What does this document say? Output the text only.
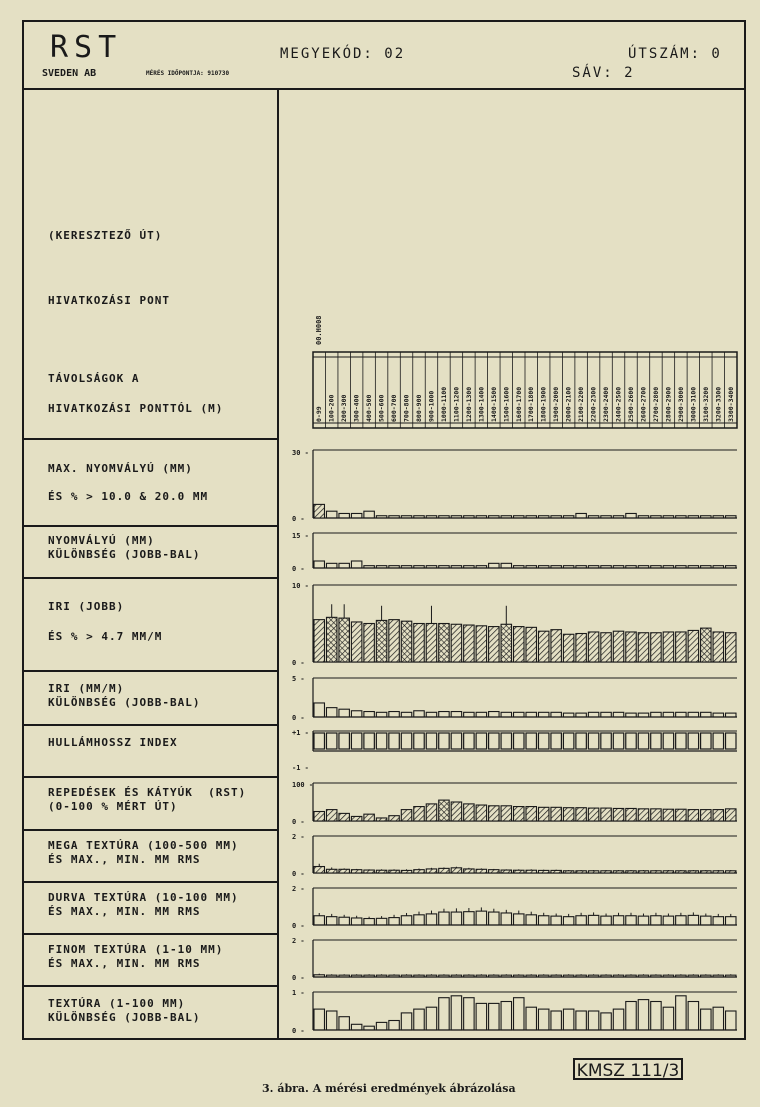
RST
SVEDEN AB	MÉRÉS IDŐPONTJA: 910730
MEGYEKÓD: 02	ÚTSZÁM: 0
SÁV: 2
(KERESZTEZŐ ÚT)
HIVATKOZÁSI PONT
TÁVOLSÁGOK A
HIVATKOZÁSI PONTTÓL (M)
MAX. NYOMVÁLYÚ (MM)
ÉS % > 10.0 & 20.0 MM
NYOMVÁLYÚ (MM)
KÜLÖNBSÉG (JOBB-BAL)
IRI (JOBB)
ÉS % > 4.7 MM/M
IRI (MM/M)
KÜLÖNBSÉG (JOBB-BAL)
HULLÁMHOSSZ INDEX
REPEDÉSEK ÉS KÁTYÚK  (RST)
(0-100 % MÉRT ÚT)
MEGA TEXTÚRA (100-500 MM)
ÉS MAX., MIN. MM RMS
DURVA TEXTÚRA (10-100 MM)
ÉS MAX., MIN. MM RMS
FINOM TEXTÚRA (1-10 MM)
ÉS MAX., MIN. MM RMS
TEXTÚRA (1-100 MM)
KÜLÖNBSÉG (JOBB-BAL)
0-99 100-200 200-300 300-400 400-500 500-600 600-700 700-800 800-900 900-1000 1000-1100 1100-1200 1200-1300 1300-1400 1400-1500 1500-1600 1600-1700 1700-1800 1800-1900 1900-2000 2000-2100 2100-2200 2200-2300 2300-2400 2400-2500 2500-2600 2600-2700 2700-2800 2800-2900 2900-3000 3000-3100 3100-3200 3200-3300 3300-3400
00.H008
30 -
0 -
15 -
0 -
10 -
0 -
5 -
0 -
+1 -
-1 -
100 -
0 -
2 -
0 -
2 -
0 -
2 -
0 -
1 -
0 -
KMSZ 111/3
3. ábra. A mérési eredmények ábrázolása
